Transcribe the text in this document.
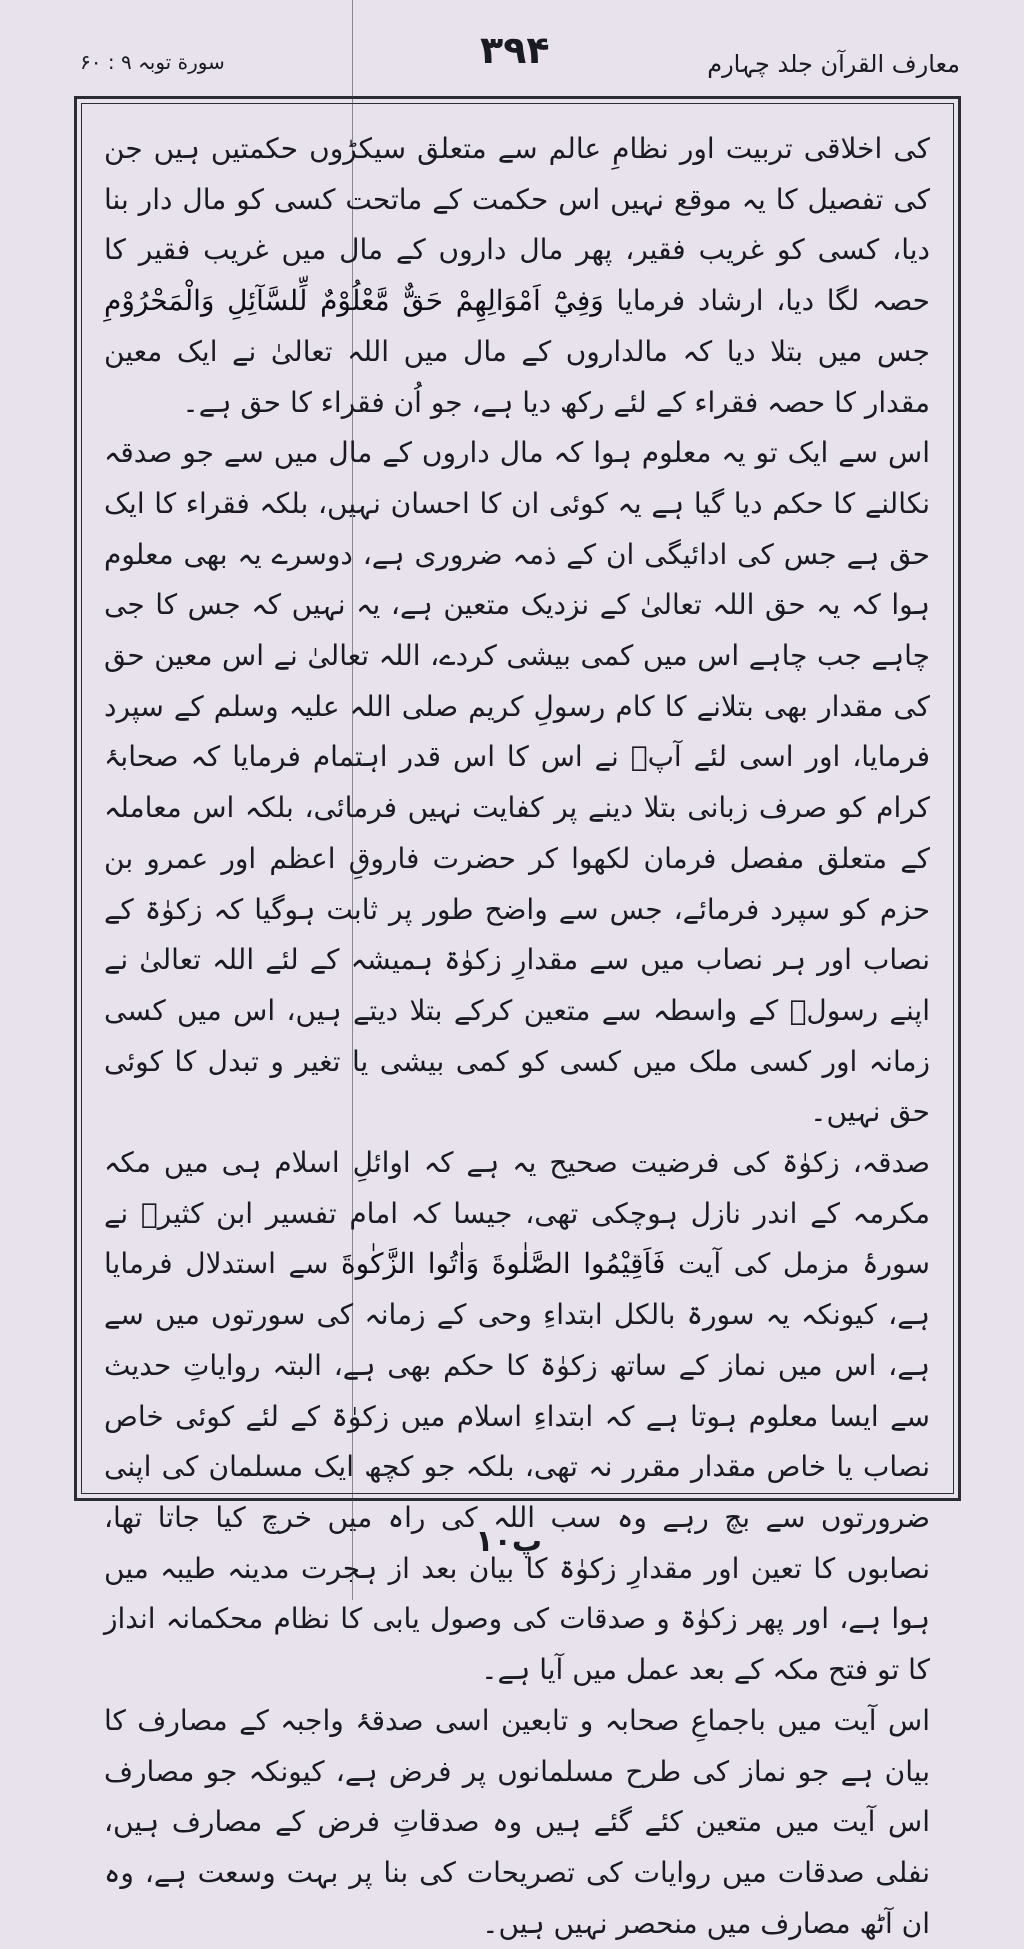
معارف القرآن جلد چہارم
۳۹۴
سورة توبہ ۹ : ۶۰

کی اخلاقی تربیت اور نظامِ عالم سے متعلق سیکڑوں حکمتیں ہیں جن کی تفصیل کا یہ موقع نہیں اس حکمت کے ماتحت کسی کو مال دار بنا دیا، کسی کو غریب فقیر، پھر مال داروں کے مال میں غریب فقیر کا حصہ لگا دیا، ارشاد فرمایا وَفِيْٓ اَمْوَالِهِمْ حَقٌّ مَّعْلُوْمٌ لِّلسَّآئِلِ وَالْمَحْرُوْمِ جس میں بتلا دیا کہ مالداروں کے مال میں اللہ تعالیٰ نے ایک معین مقدار کا حصہ فقراء کے لئے رکھ دیا ہے، جو اُن فقراء کا حق ہے۔

اس سے ایک تو یہ معلوم ہوا کہ مال داروں کے مال میں سے جو صدقہ نکالنے کا حکم دیا گیا ہے یہ کوئی ان کا احسان نہیں، بلکہ فقراء کا ایک حق ہے جس کی ادائیگی ان کے ذمہ ضروری ہے، دوسرے یہ بھی معلوم ہوا کہ یہ حق اللہ تعالیٰ کے نزدیک متعین ہے، یہ نہیں کہ جس کا جی چاہے جب چاہے اس میں کمی بیشی کردے، اللہ تعالیٰ نے اس معین حق کی مقدار بھی بتلانے کا کام رسولِ کریم صلی اللہ علیہ وسلم کے سپرد فرمایا، اور اسی لئے آپؐ نے اس کا اس قدر اہتمام فرمایا کہ صحابۂ کرام کو صرف زبانی بتلا دینے پر کفایت نہیں فرمائی، بلکہ اس معاملہ کے متعلق مفصل فرمان لکھوا کر حضرت فاروقِ اعظم اور عمرو بن حزم کو سپرد فرمائے، جس سے واضح طور پر ثابت ہوگیا کہ زکوٰۃ کے نصاب اور ہر نصاب میں سے مقدارِ زکوٰۃ ہمیشہ کے لئے اللہ تعالیٰ نے اپنے رسولؐ کے واسطہ سے متعین کرکے بتلا دیتے ہیں، اس میں کسی زمانہ اور کسی ملک میں کسی کو کمی بیشی یا تغیر و تبدل کا کوئی حق نہیں۔

صدقہ، زکوٰۃ کی فرضیت صحیح یہ ہے کہ اوائلِ اسلام ہی میں مکہ مکرمہ کے اندر نازل ہوچکی تھی، جیسا کہ امام تفسیر ابن کثیرؒ نے سورۂ مزمل کی آیت فَاَقِيْمُوا الصَّلٰوةَ وَاٰتُوا الزَّكٰوةَ سے استدلال فرمایا ہے، کیونکہ یہ سورۃ بالکل ابتداءِ وحی کے زمانہ کی سورتوں میں سے ہے، اس میں نماز کے ساتھ زکوٰۃ کا حکم بھی ہے، البتہ روایاتِ حدیث سے ایسا معلوم ہوتا ہے کہ ابتداءِ اسلام میں زکوٰۃ کے لئے کوئی خاص نصاب یا خاص مقدار مقرر نہ تھی، بلکہ جو کچھ ایک مسلمان کی اپنی ضرورتوں سے بچ رہے وہ سب اللہ کی راہ میں خرچ کیا جاتا تھا، نصابوں کا تعین اور مقدارِ زکوٰۃ کا بیان بعد از ہجرت مدینہ طیبہ میں ہوا ہے، اور پھر زکوٰۃ و صدقات کی وصول یابی کا نظام محکمانہ انداز کا تو فتح مکہ کے بعد عمل میں آیا ہے۔

اس آیت میں باجماعِ صحابہ و تابعین اسی صدقۂ واجبہ کے مصارف کا بیان ہے جو نماز کی طرح مسلمانوں پر فرض ہے، کیونکہ جو مصارف اس آیت میں متعین کئے گئے ہیں وہ صدقاتِ فرض کے مصارف ہیں، نفلی صدقات میں روایات کی تصریحات کی بنا پر بہت وسعت ہے، وہ ان آٹھ مصارف میں منحصر نہیں ہیں۔

پ۱۰
